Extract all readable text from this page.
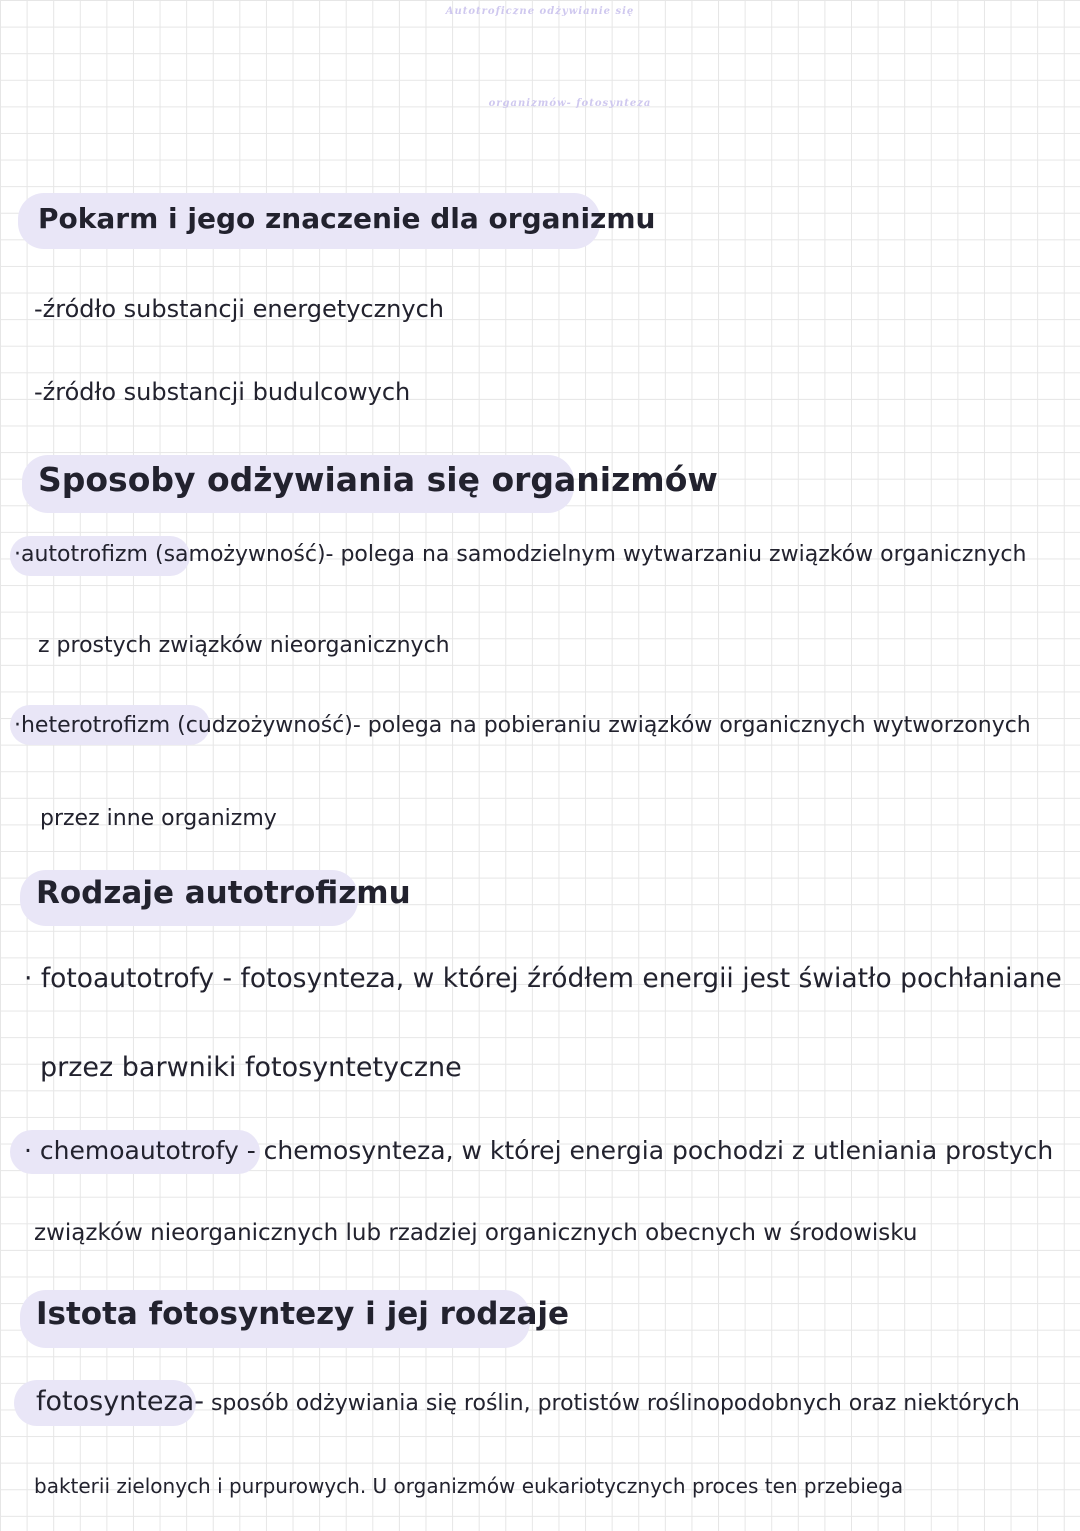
Autotroficzne odżywianie się
organizmów- fotosynteza
Pokarm i jego znaczenie dla organizmu
-źródło substancji energetycznych
-źródło substancji budulcowych
Sposoby odżywiania się organizmów
·autotrofizm (samożywność)- polega na samodzielnym wytwarzaniu związków organicznych
z prostych związków nieorganicznych
·heterotrofizm (cudzożywność)- polega na pobieraniu związków organicznych wytworzonych
przez inne organizmy
Rodzaje autotrofizmu
· fotoautotrofy - fotosynteza, w której źródłem energii jest światło pochłaniane
przez barwniki fotosyntetyczne
· chemoautotrofy - chemosynteza, w której energia pochodzi z utleniania prostych
związków nieorganicznych lub rzadziej organicznych obecnych w środowisku
Istota fotosyntezy i jej rodzaje
fotosynteza- sposób odżywiania się roślin, protistów roślinopodobnych oraz niektórych
bakterii zielonych i purpurowych. U organizmów eukariotycznych proces ten przebiega
